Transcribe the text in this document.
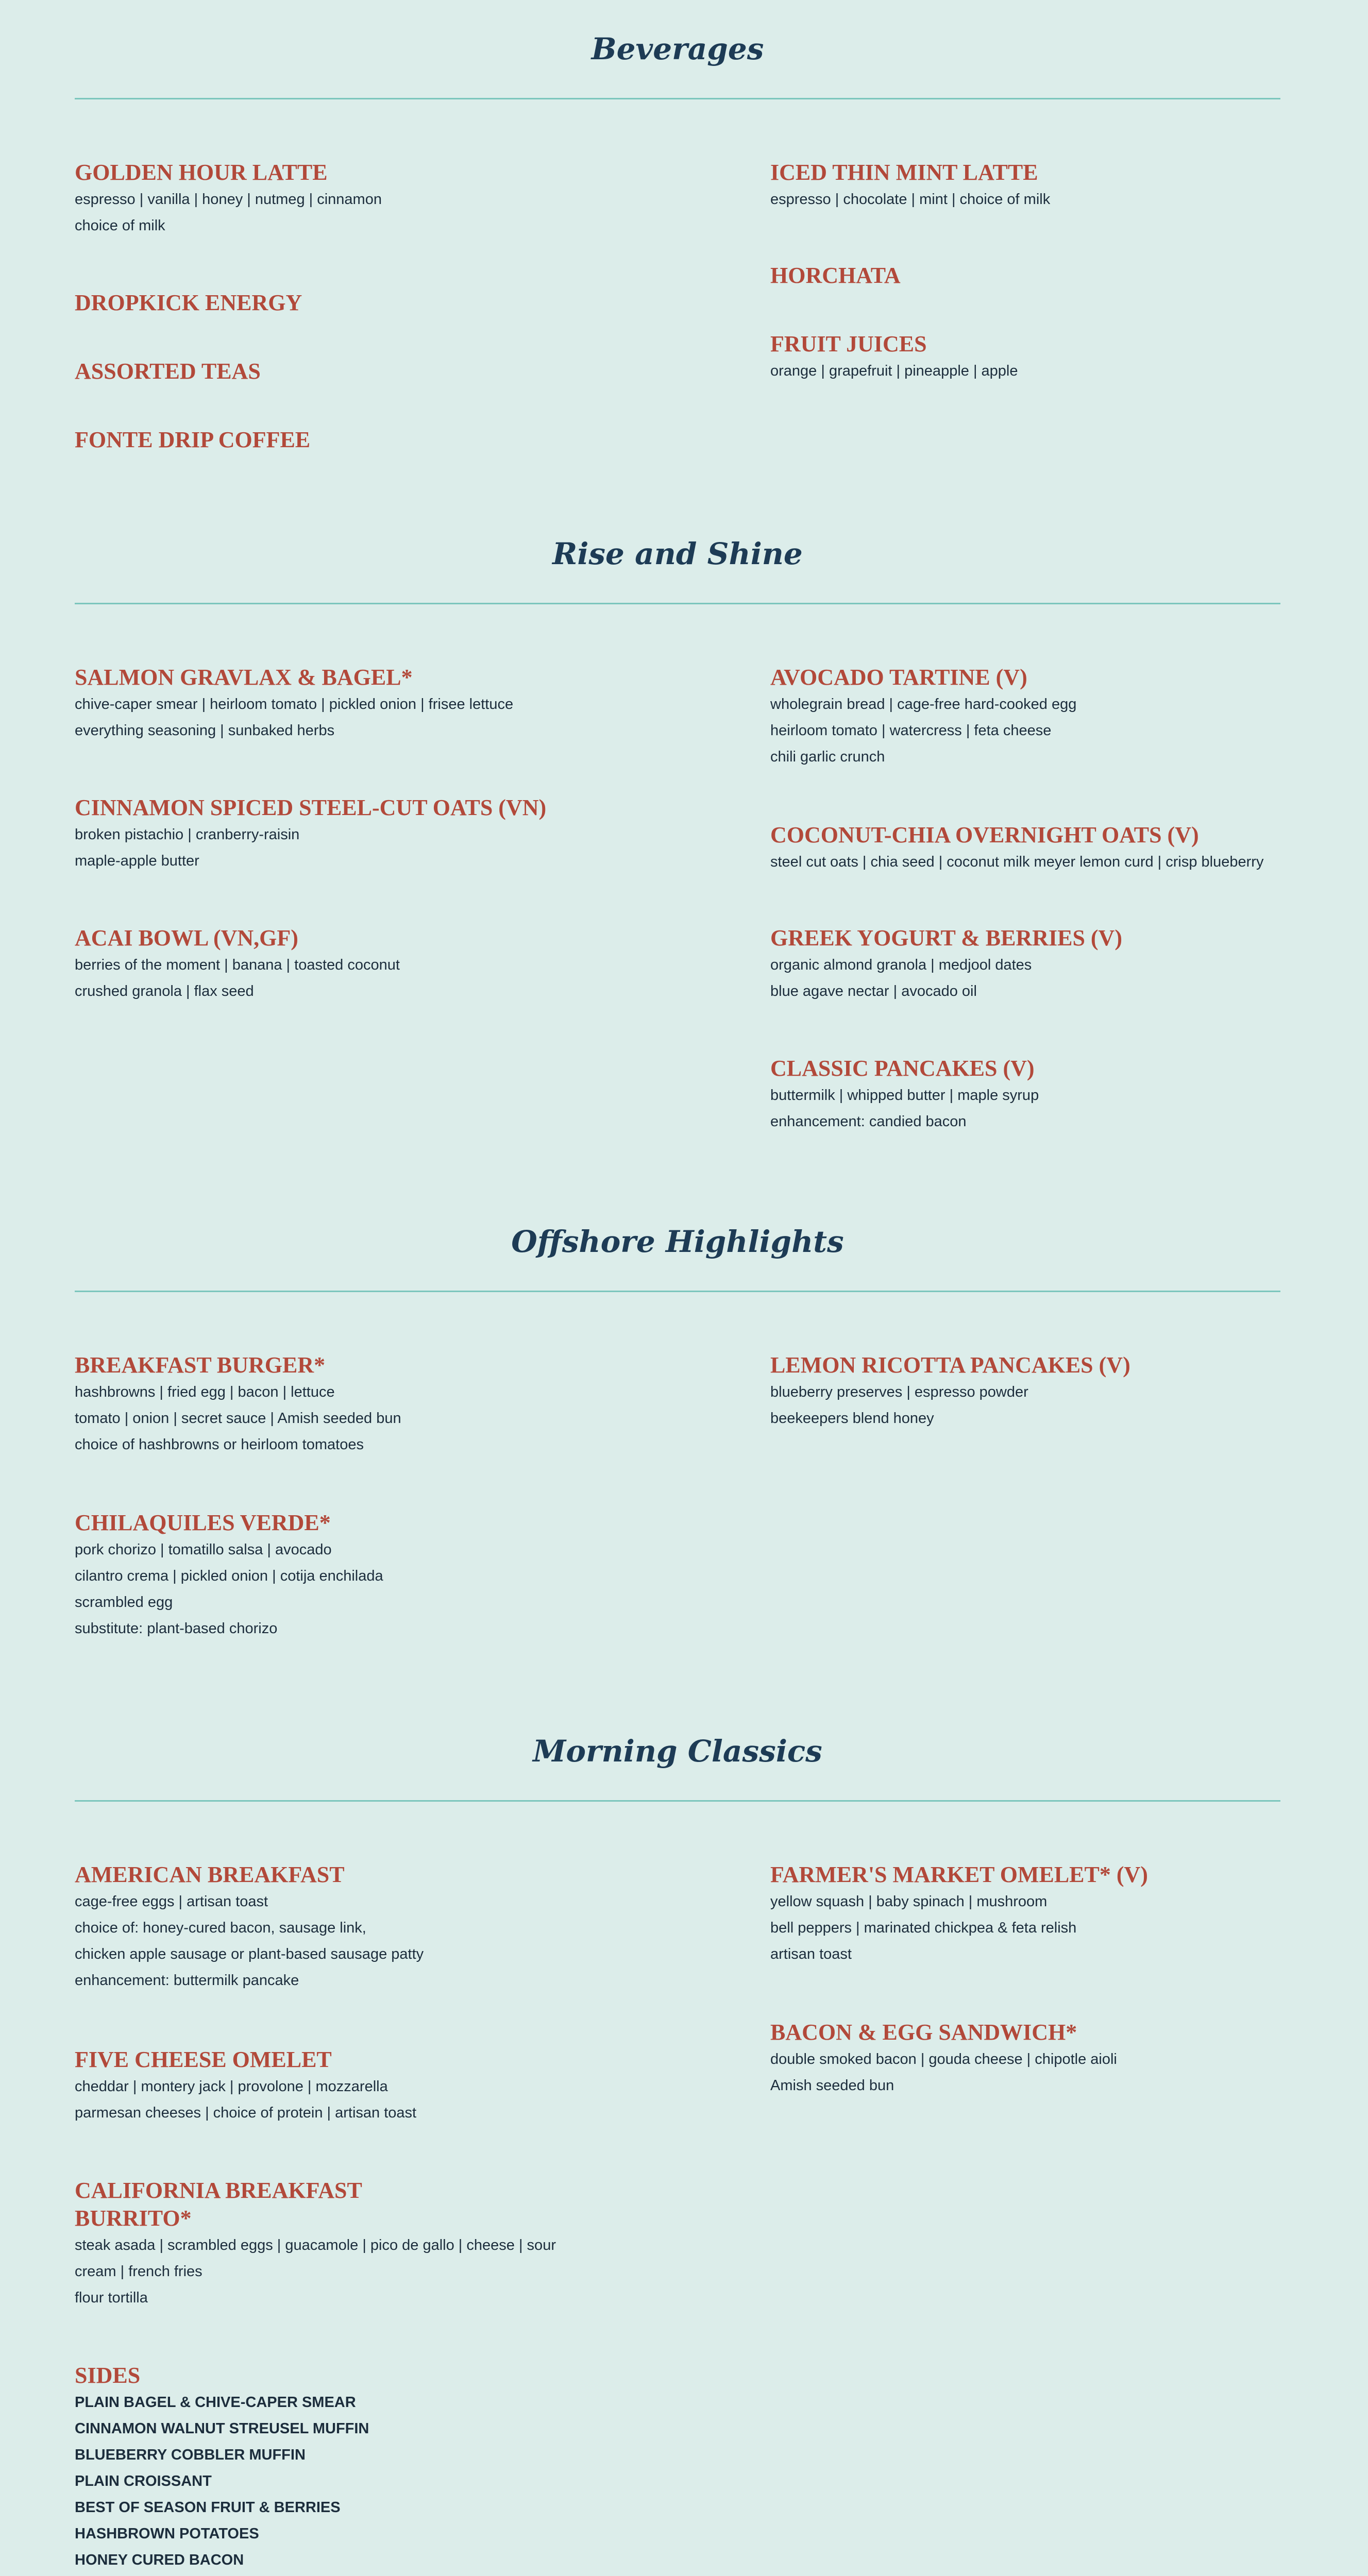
Beverages
GOLDEN HOUR LATTE

espresso | vanilla | honey | nutmeg | cinnamon
choice of milk

DROPKICK ENERGY
ASSORTED TEAS
FONTE DRIP COFFEE
ICED THIN MINT LATTE

espresso | chocolate | mint | choice of milk

HORCHATA
FRUIT JUICES

orange | grapefruit | pineapple | apple

Rise and Shine
SALMON GRAVLAX & BAGEL*

chive-caper smear | heirloom tomato | pickled onion | frisee lettuce
everything seasoning | sunbaked herbs

CINNAMON SPICED STEEL-CUT OATS (VN)

broken pistachio | cranberry-raisin
maple-apple butter

ACAI BOWL (VN,GF)

berries of the moment | banana | toasted coconut
crushed granola | flax seed

AVOCADO TARTINE (V)

wholegrain bread | cage-free hard-cooked egg
heirloom tomato | watercress | feta cheese
chili garlic crunch

COCONUT-CHIA OVERNIGHT OATS (V)

steel cut oats | chia seed | coconut milk meyer lemon curd | crisp blueberry

GREEK YOGURT & BERRIES (V)

organic almond granola | medjool dates
blue agave nectar | avocado oil

CLASSIC PANCAKES (V)

buttermilk | whipped butter | maple syrup
enhancement: candied bacon

Offshore Highlights
BREAKFAST BURGER*

hashbrowns | fried egg | bacon | lettuce
tomato | onion | secret sauce | Amish seeded bun
choice of hashbrowns or heirloom tomatoes

CHILAQUILES VERDE*

pork chorizo | tomatillo salsa | avocado
cilantro crema | pickled onion | cotija enchilada
scrambled egg
substitute: plant-based chorizo

LEMON RICOTTA PANCAKES (V)

blueberry preserves | espresso powder
beekeepers blend honey

Morning Classics
AMERICAN BREAKFAST

cage-free eggs | artisan toast
choice of: honey-cured bacon, sausage link,
chicken apple sausage or plant-based sausage patty
enhancement: buttermilk pancake

FIVE CHEESE OMELET

cheddar | montery jack | provolone | mozzarella
parmesan cheeses | choice of protein | artisan toast

CALIFORNIA BREAKFAST
BURRITO*

steak asada | scrambled eggs | guacamole | pico de gallo | cheese | sour
cream | french fries
flour tortilla

SIDES

PLAIN BAGEL & CHIVE-CAPER SMEAR
CINNAMON WALNUT STREUSEL MUFFIN
BLUEBERRY COBBLER MUFFIN
PLAIN CROISSANT
BEST OF SEASON FRUIT & BERRIES
HASHBROWN POTATOES
HONEY CURED BACON

FARMER'S MARKET OMELET* (V)

yellow squash | baby spinach | mushroom
bell peppers | marinated chickpea & feta relish
artisan toast

BACON & EGG SANDWICH*

double smoked bacon | gouda cheese | chipotle aioli
Amish seeded bun
